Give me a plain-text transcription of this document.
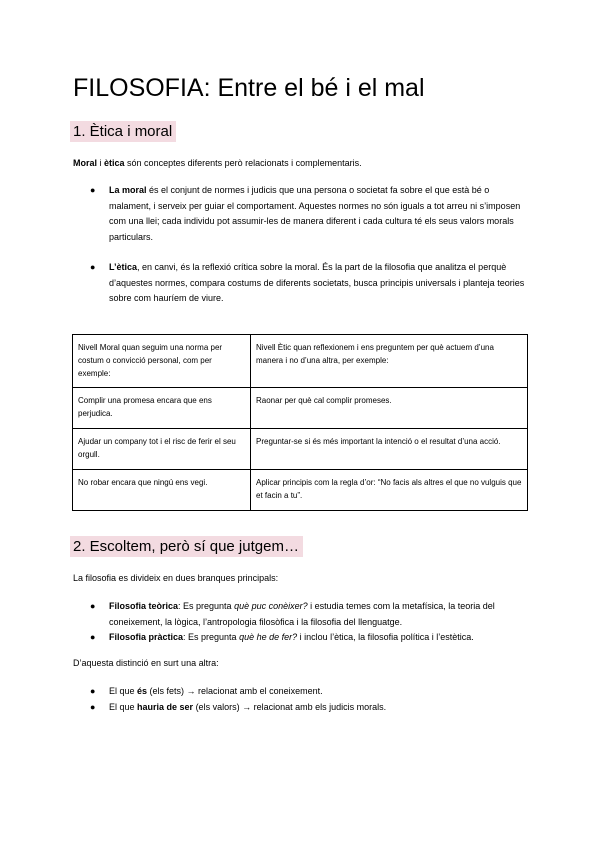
FILOSOFIA: Entre el bé i el mal
1. Ètica i moral
Moral i ètica són conceptes diferents però relacionats i complementaris.
● La moral és el conjunt de normes i judicis que una persona o societat fa sobre el que està bé o malament, i serveix per guiar el comportament. Aquestes normes no són iguals a tot arreu ni s’imposen com una llei; cada individu pot assumir-les de manera diferent i cada cultura té els seus valors morals particulars.
● L’ètica, en canvi, és la reflexió crítica sobre la moral. És la part de la filosofia que analitza el perquè d’aquestes normes, compara costums de diferents societats, busca principis universals i planteja teories sobre com hauríem de viure.
Nivell Moral quan seguim una norma per costum o convicció personal, com per exemple:	Nivell Ètic quan reflexionem i ens preguntem per què actuem d’una manera i no d’una altra, per exemple:
Complir una promesa encara que ens perjudica.	Raonar per què cal complir promeses.
Ajudar un company tot i el risc de ferir el seu orgull.	Preguntar-se si és més important la intenció o el resultat d’una acció.
No robar encara que ningú ens vegi.	Aplicar principis com la regla d’or: “No facis als altres el que no vulguis que et facin a tu”.
2. Escoltem, però sí que jutgem…
La filosofia es divideix en dues branques principals:
● Filosofia teòrica: Es pregunta què puc conèixer? i estudia temes com la metafísica, la teoria del coneixement, la lògica, l’antropologia filosòfica i la filosofia del llenguatge.
● Filosofia pràctica: Es pregunta què he de fer? i inclou l’ètica, la filosofia política i l’estètica.
D’aquesta distinció en surt una altra:
● El que és (els fets) → relacionat amb el coneixement.
● El que hauria de ser (els valors) → relacionat amb els judicis morals.
